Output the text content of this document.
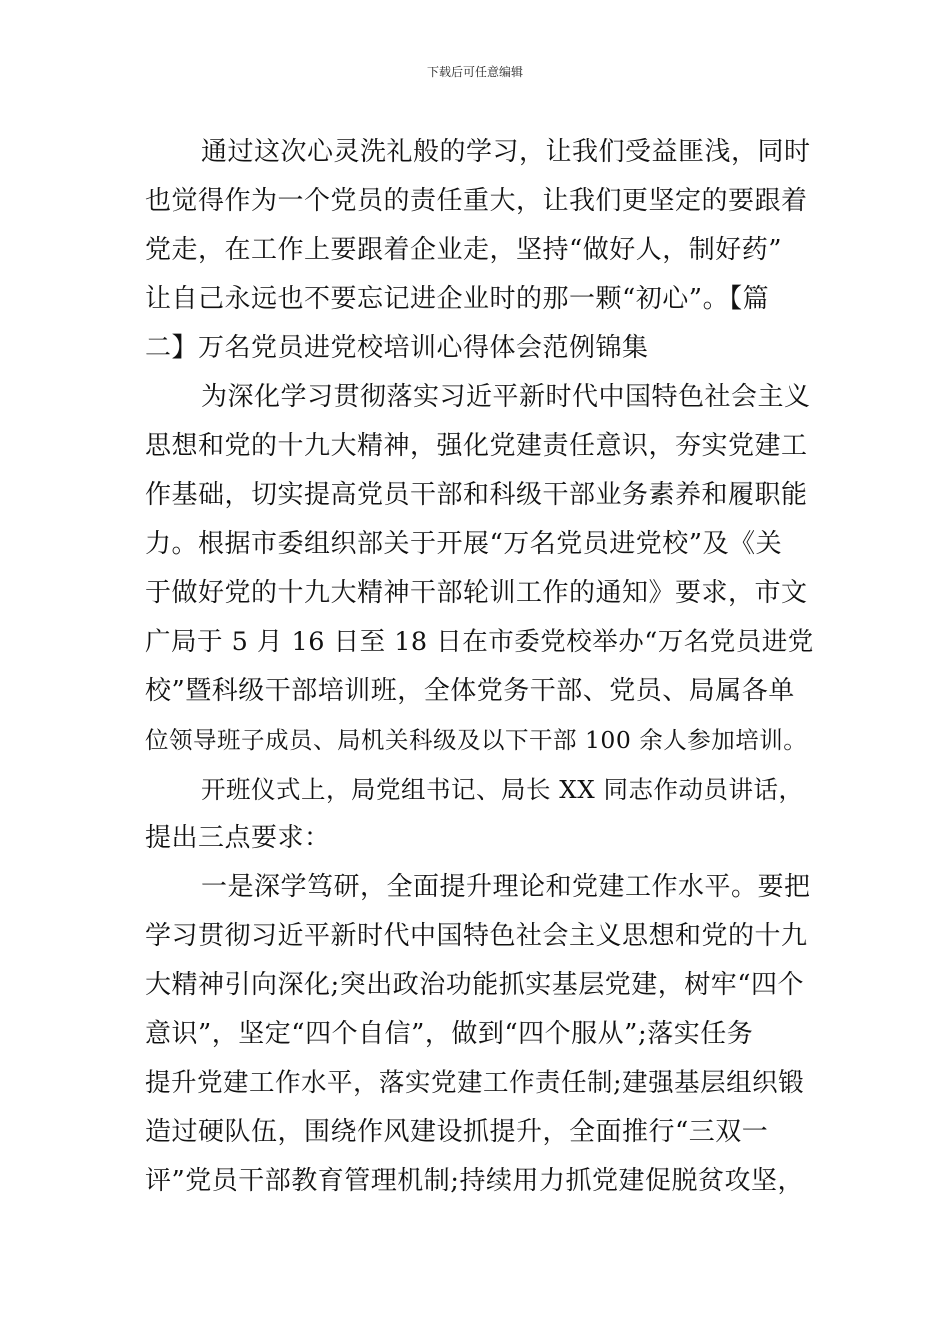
下载后可任意编辑
通过这次心灵洗礼般的学习，让我们受益匪浅，同时
也觉得作为一个党员的责任重大，让我们更坚定的要跟着
党走，在工作上要跟着企业走，坚持“做好人，制好药”
让自己永远也不要忘记进企业时的那一颗“初心”。【篇
二】万名党员进党校培训心得体会范例锦集
为深化学习贯彻落实习近平新时代中国特色社会主义
思想和党的十九大精神，强化党建责任意识，夯实党建工
作基础，切实提高党员干部和科级干部业务素养和履职能
力。根据市委组织部关于开展“万名党员进党校”及《关
于做好党的十九大精神干部轮训工作的通知》要求，市文
广局于 5 月 16 日至 18 日在市委党校举办“万名党员进党
校”暨科级干部培训班，全体党务干部、党员、局属各单
位领导班子成员、局机关科级及以下干部 100 余人参加培训。
开班仪式上，局党组书记、局长 XX 同志作动员讲话，
提出三点要求：
一是深学笃研，全面提升理论和党建工作水平。要把
学习贯彻习近平新时代中国特色社会主义思想和党的十九
大精神引向深化;突出政治功能抓实基层党建，树牢“四个
意识”，坚定“四个自信”，做到“四个服从”;落实任务
提升党建工作水平，落实党建工作责任制;建强基层组织锻
造过硬队伍，围绕作风建设抓提升，全面推行“三双一
评”党员干部教育管理机制;持续用力抓党建促脱贫攻坚，
